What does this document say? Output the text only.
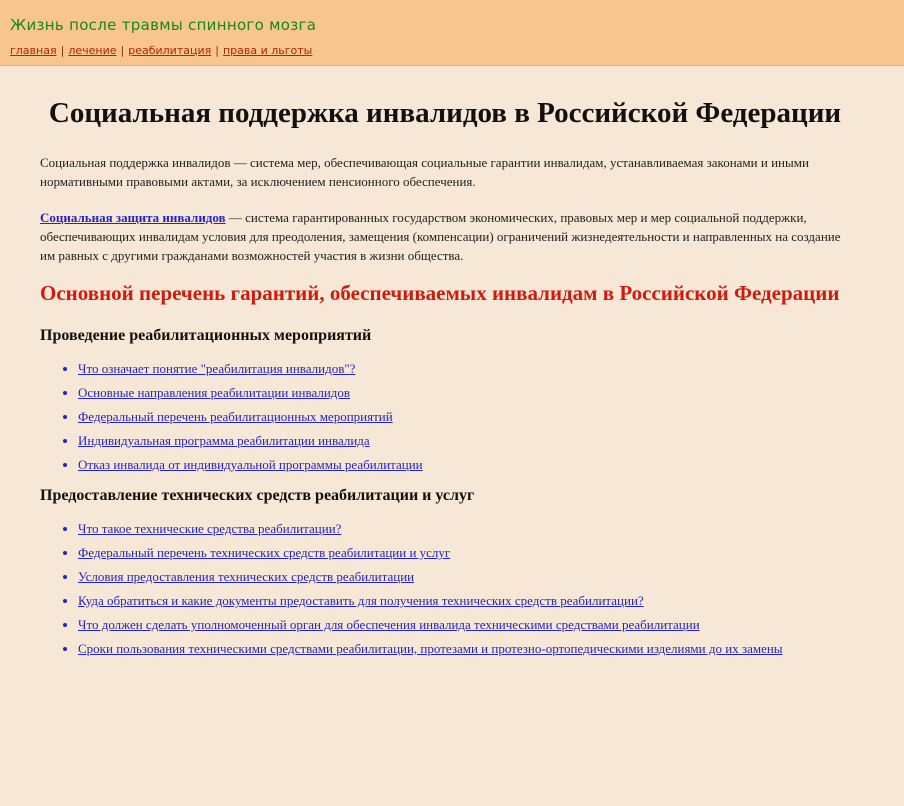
Жизнь после травмы спинного мозга
главная | лечение | реабилитация | права и льготы
Социальная поддержка инвалидов в Российской Федерации

Социальная поддержка инвалидов — система мер, обеспечивающая социальные гарантии инвалидам, устанавливаемая законами и иными нормативными правовыми актами, за исключением пенсионного обеспечения.

Социальная защита инвалидов — система гарантированных государством экономических, правовых мер и мер социальной поддержки, обеспечивающих инвалидам условия для преодоления, замещения (компенсации) ограничений жизнедеятельности и направленных на создание им равных с другими гражданами возможностей участия в жизни общества.

Основной перечень гарантий, обеспечиваемых инвалидам в Российской Федерации
Проведение реабилитационных мероприятий
• Что означает понятие "реабилитация инвалидов"?
• Основные направления реабилитации инвалидов
• Федеральный перечень реабилитационных мероприятий
• Индивидуальная программа реабилитации инвалида
• Отказ инвалида от индивидуальной программы реабилитации
Предоставление технических средств реабилитации и услуг
• Что такое технические средства реабилитации?
• Федеральный перечень технических средств реабилитации и услуг
• Условия предоставления технических средств реабилитации
• Куда обратиться и какие документы предоставить для получения технических средств реабилитации?
• Что должен сделать уполномоченный орган для обеспечения инвалида техническими средствами реабилитации
• Сроки пользования техническими средствами реабилитации, протезами и протезно-ортопедическими изделиями до их замены
